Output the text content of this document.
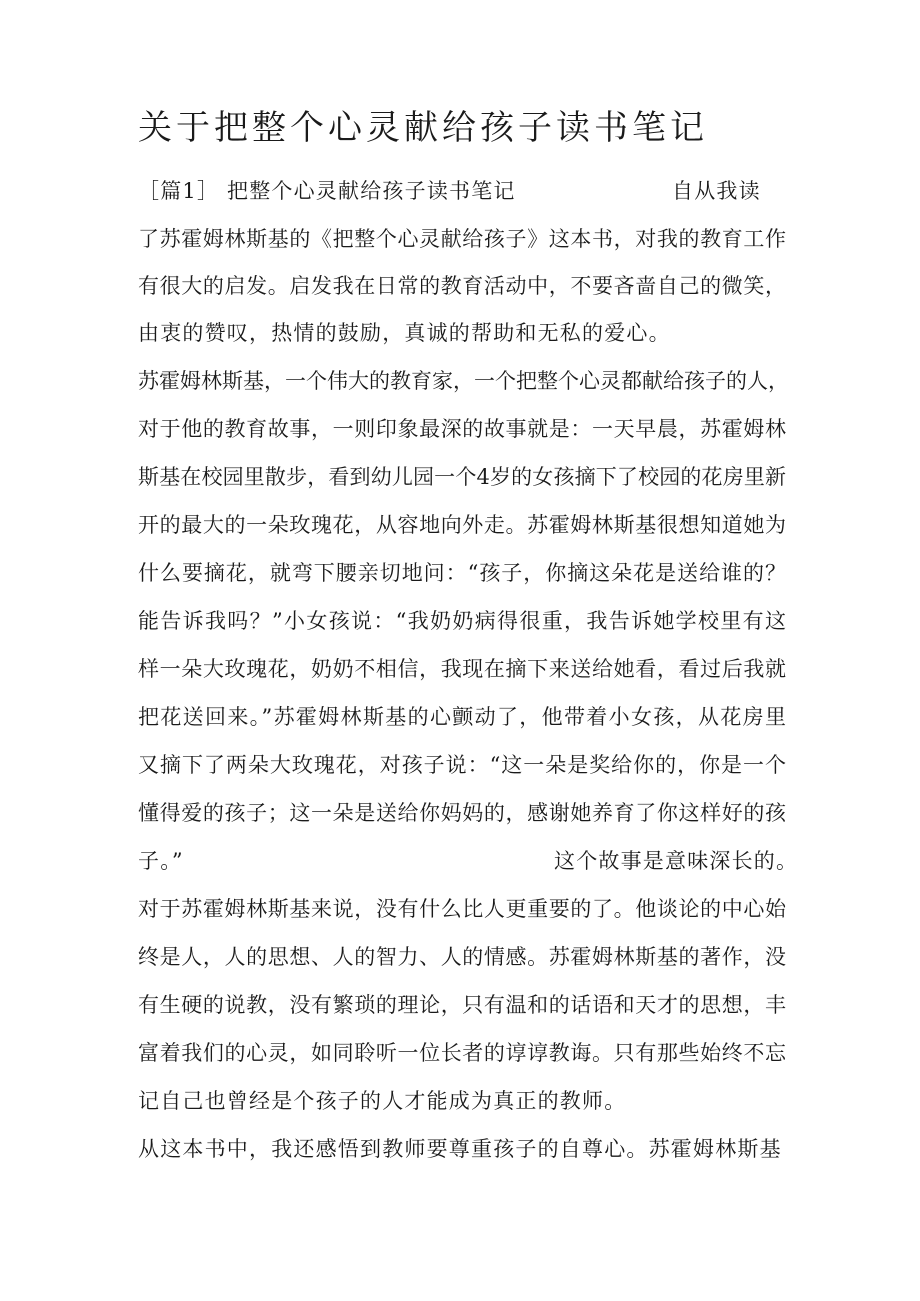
关于把整个心灵献给孩子读书笔记

［篇1］ 把整个心灵献给孩子读书笔记	自从我读

了苏霍姆林斯基的《把整个心灵献给孩子》这本书，对我的教育工作

有很大的启发。启发我在日常的教育活动中，不要吝啬自己的微笑，

由衷的赞叹，热情的鼓励，真诚的帮助和无私的爱心。

苏霍姆林斯基，一个伟大的教育家，一个把整个心灵都献给孩子的人，

对于他的教育故事，一则印象最深的故事就是：一天早晨，苏霍姆林

斯基在校园里散步，看到幼儿园一个4岁的女孩摘下了校园的花房里新

开的最大的一朵玫瑰花，从容地向外走。苏霍姆林斯基很想知道她为

什么要摘花，就弯下腰亲切地问：“孩子，你摘这朵花是送给谁的？

能告诉我吗？”小女孩说：“我奶奶病得很重，我告诉她学校里有这

样一朵大玫瑰花，奶奶不相信，我现在摘下来送给她看，看过后我就

把花送回来。”苏霍姆林斯基的心颤动了，他带着小女孩，从花房里

又摘下了两朵大玫瑰花，对孩子说：“这一朵是奖给你的，你是一个

懂得爱的孩子；这一朵是送给你妈妈的，感谢她养育了你这样好的孩

子。”	这个故事是意味深长的。

对于苏霍姆林斯基来说，没有什么比人更重要的了。他谈论的中心始

终是人，人的思想、人的智力、人的情感。苏霍姆林斯基的著作，没

有生硬的说教，没有繁琐的理论，只有温和的话语和天才的思想，丰

富着我们的心灵，如同聆听一位长者的谆谆教诲。只有那些始终不忘

记自己也曾经是个孩子的人才能成为真正的教师。

从这本书中，我还感悟到教师要尊重孩子的自尊心。苏霍姆林斯基
